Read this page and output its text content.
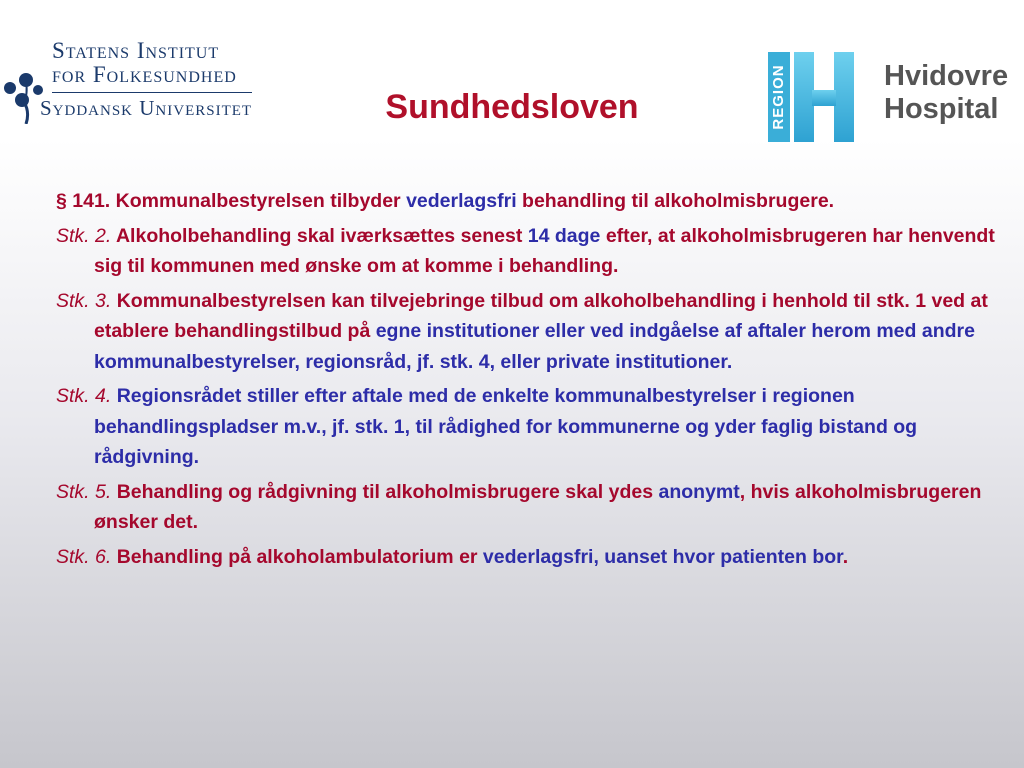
Statens Institut
for Folkesundhed
Syddansk Universitet	Sundhedsloven	REGION	Hvidovre
Hospital

§ 141. Kommunalbestyrelsen tilbyder vederlagsfri behandling til alkoholmisbrugere.

Stk. 2. Alkoholbehandling skal iværksættes senest 14 dage efter, at alkoholmisbrugeren har henvendt sig til kommunen med ønske om at komme i behandling.

Stk. 3. Kommunalbestyrelsen kan tilvejebringe tilbud om alkoholbehandling i henhold til stk. 1 ved at etablere behandlingstilbud på egne institutioner eller ved indgåelse af aftaler herom med andre kommunalbestyrelser, regionsråd, jf. stk. 4, eller private institutioner.

Stk. 4. Regionsrådet stiller efter aftale med de enkelte kommunalbestyrelser i regionen behandlingspladser m.v., jf. stk. 1, til rådighed for kommunerne og yder faglig bistand og rådgivning.

Stk. 5. Behandling og rådgivning til alkoholmisbrugere skal ydes anonymt, hvis alkoholmisbrugeren ønsker det.

Stk. 6. Behandling på alkoholambulatorium er vederlagsfri, uanset hvor patienten bor.
